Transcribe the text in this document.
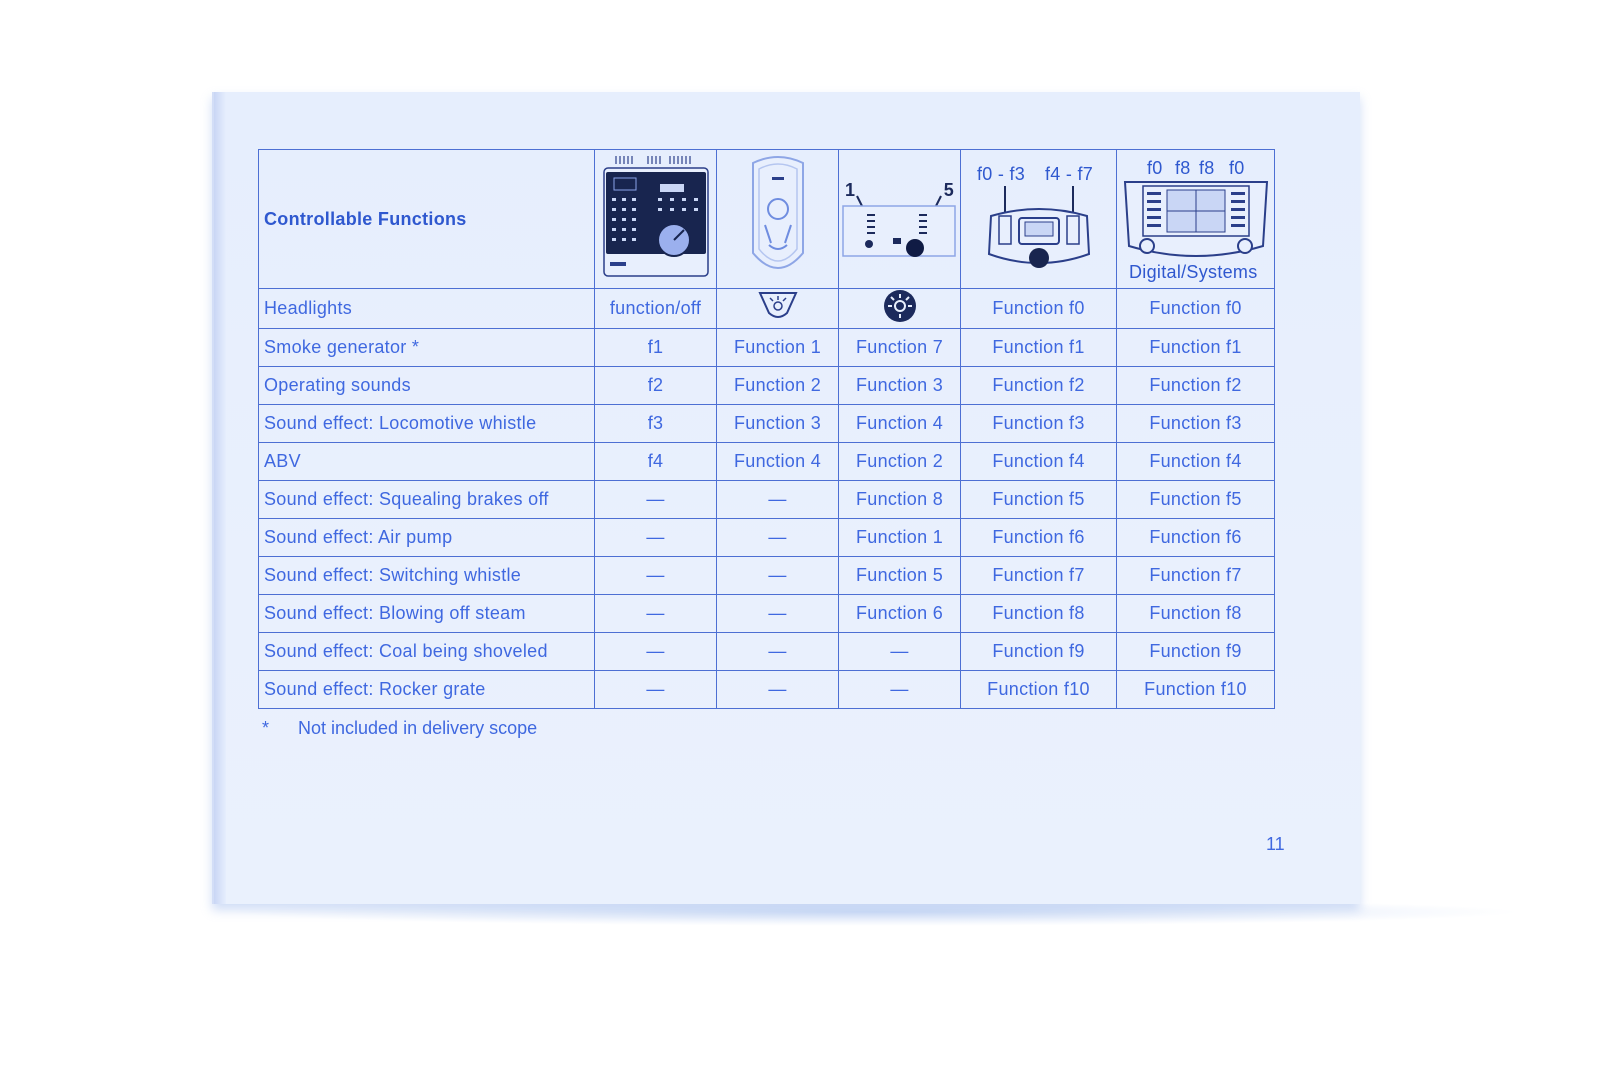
Controllable Functions			1 5	f0 - f3 f4 - f7	f0 f8 f8 f0
Digital/Systems

Headlights	function/off			Function f0	Function f0
Smoke generator *	f1	Function 1	Function 7	Function f1	Function f1
Operating sounds	f2	Function 2	Function 3	Function f2	Function f2
Sound effect: Locomotive whistle	f3	Function 3	Function 4	Function f3	Function f3
ABV	f4	Function 4	Function 2	Function f4	Function f4
Sound effect: Squealing brakes off	—	—	Function 8	Function f5	Function f5
Sound effect: Air pump	—	—	Function 1	Function f6	Function f6
Sound effect: Switching whistle	—	—	Function 5	Function f7	Function f7
Sound effect: Blowing off steam	—	—	Function 6	Function f8	Function f8
Sound effect: Coal being shoveled	—	—	—	Function f9	Function f9
Sound effect: Rocker grate	—	—	—	Function f10	Function f10
* Not included in delivery scope
11
